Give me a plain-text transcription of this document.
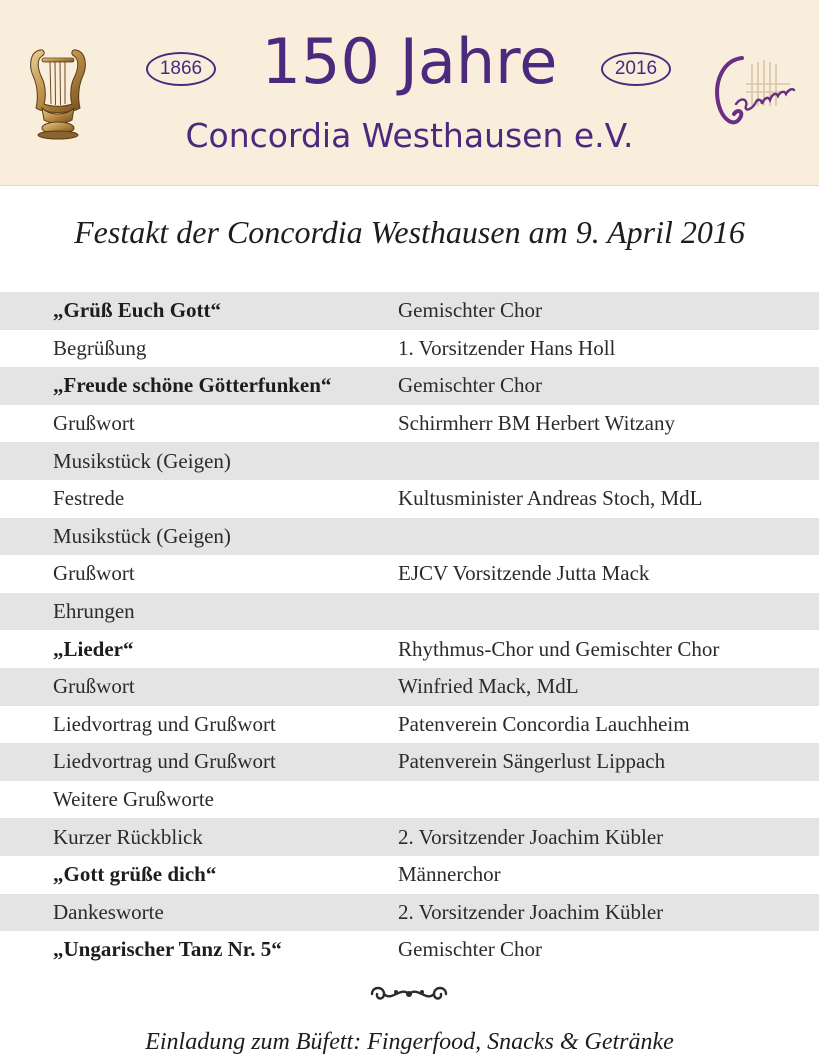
1866 150 Jahre	2016
Concordia Westhausen e.V.
Festakt der Concordia Westhausen am 9. April 2016
„Grüß Euch Gott“	Gemischter Chor
Begrüßung	1. Vorsitzender Hans Holl
„Freude schöne Götterfunken“	Gemischter Chor
Grußwort	Schirmherr BM Herbert Witzany
Musikstück (Geigen)
Festrede	Kultusminister Andreas Stoch, MdL
Musikstück (Geigen)
Grußwort	EJCV Vorsitzende Jutta Mack
Ehrungen
„Lieder“	Rhythmus-Chor und Gemischter Chor
Grußwort	Winfried Mack, MdL
Liedvortrag und Grußwort	Patenverein Concordia Lauchheim
Liedvortrag und Grußwort	Patenverein Sängerlust Lippach
Weitere Grußworte
Kurzer Rückblick	2. Vorsitzender Joachim Kübler
„Gott grüße dich“	Männerchor
Dankesworte	2. Vorsitzender Joachim Kübler
„Ungarischer Tanz Nr. 5“	Gemischter Chor
Einladung zum Büfett: Fingerfood, Snacks & Getränke
